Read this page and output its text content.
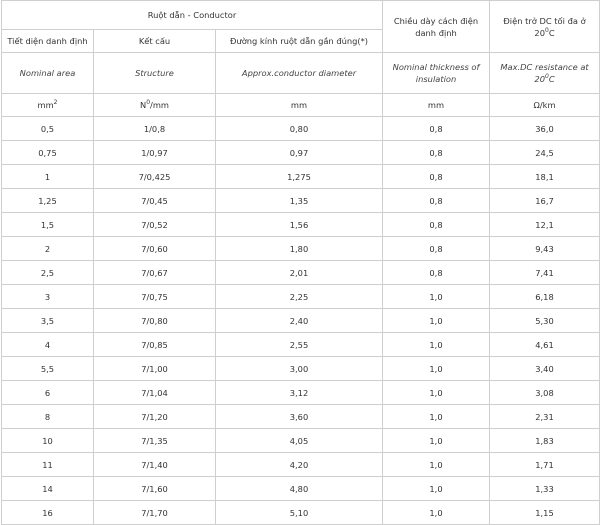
Ruột dẫn - Conductor			Chiều dày cách điện danh định	Điện trở DC tối đa ở $20^0C$
Tiết diện danh định	Kết cấu	Đường kính ruột dẫn gần đúng(*)		
Nominal area	Structure	Approx.conductor diameter	Nominal thickness of insulation	Max.DC resistance at $20^0C$
$mm^2$	$N^0/mm$	mm	mm	Ω/km
0,5	1/0,8	0,80	0,8	36,0
0,75	1/0,97	0,97	0,8	24,5
1	7/0,425	1,275	0,8	18,1
1,25	7/0,45	1,35	0,8	16,7
1,5	7/0,52	1,56	0,8	12,1
2	7/0,60	1,80	0,8	9,43
2,5	7/0,67	2,01	0,8	7,41
3	7/0,75	2,25	1,0	6,18
3,5	7/0,80	2,40	1,0	5,30
4	7/0,85	2,55	1,0	4,61
5,5	7/1,00	3,00	1,0	3,40
6	7/1,04	3,12	1,0	3,08
8	7/1,20	3,60	1,0	2,31
10	7/1,35	4,05	1,0	1,83
11	7/1,40	4,20	1,0	1,71
14	7/1,60	4,80	1,0	1,33
16	7/1,70	5,10	1,0	1,15
